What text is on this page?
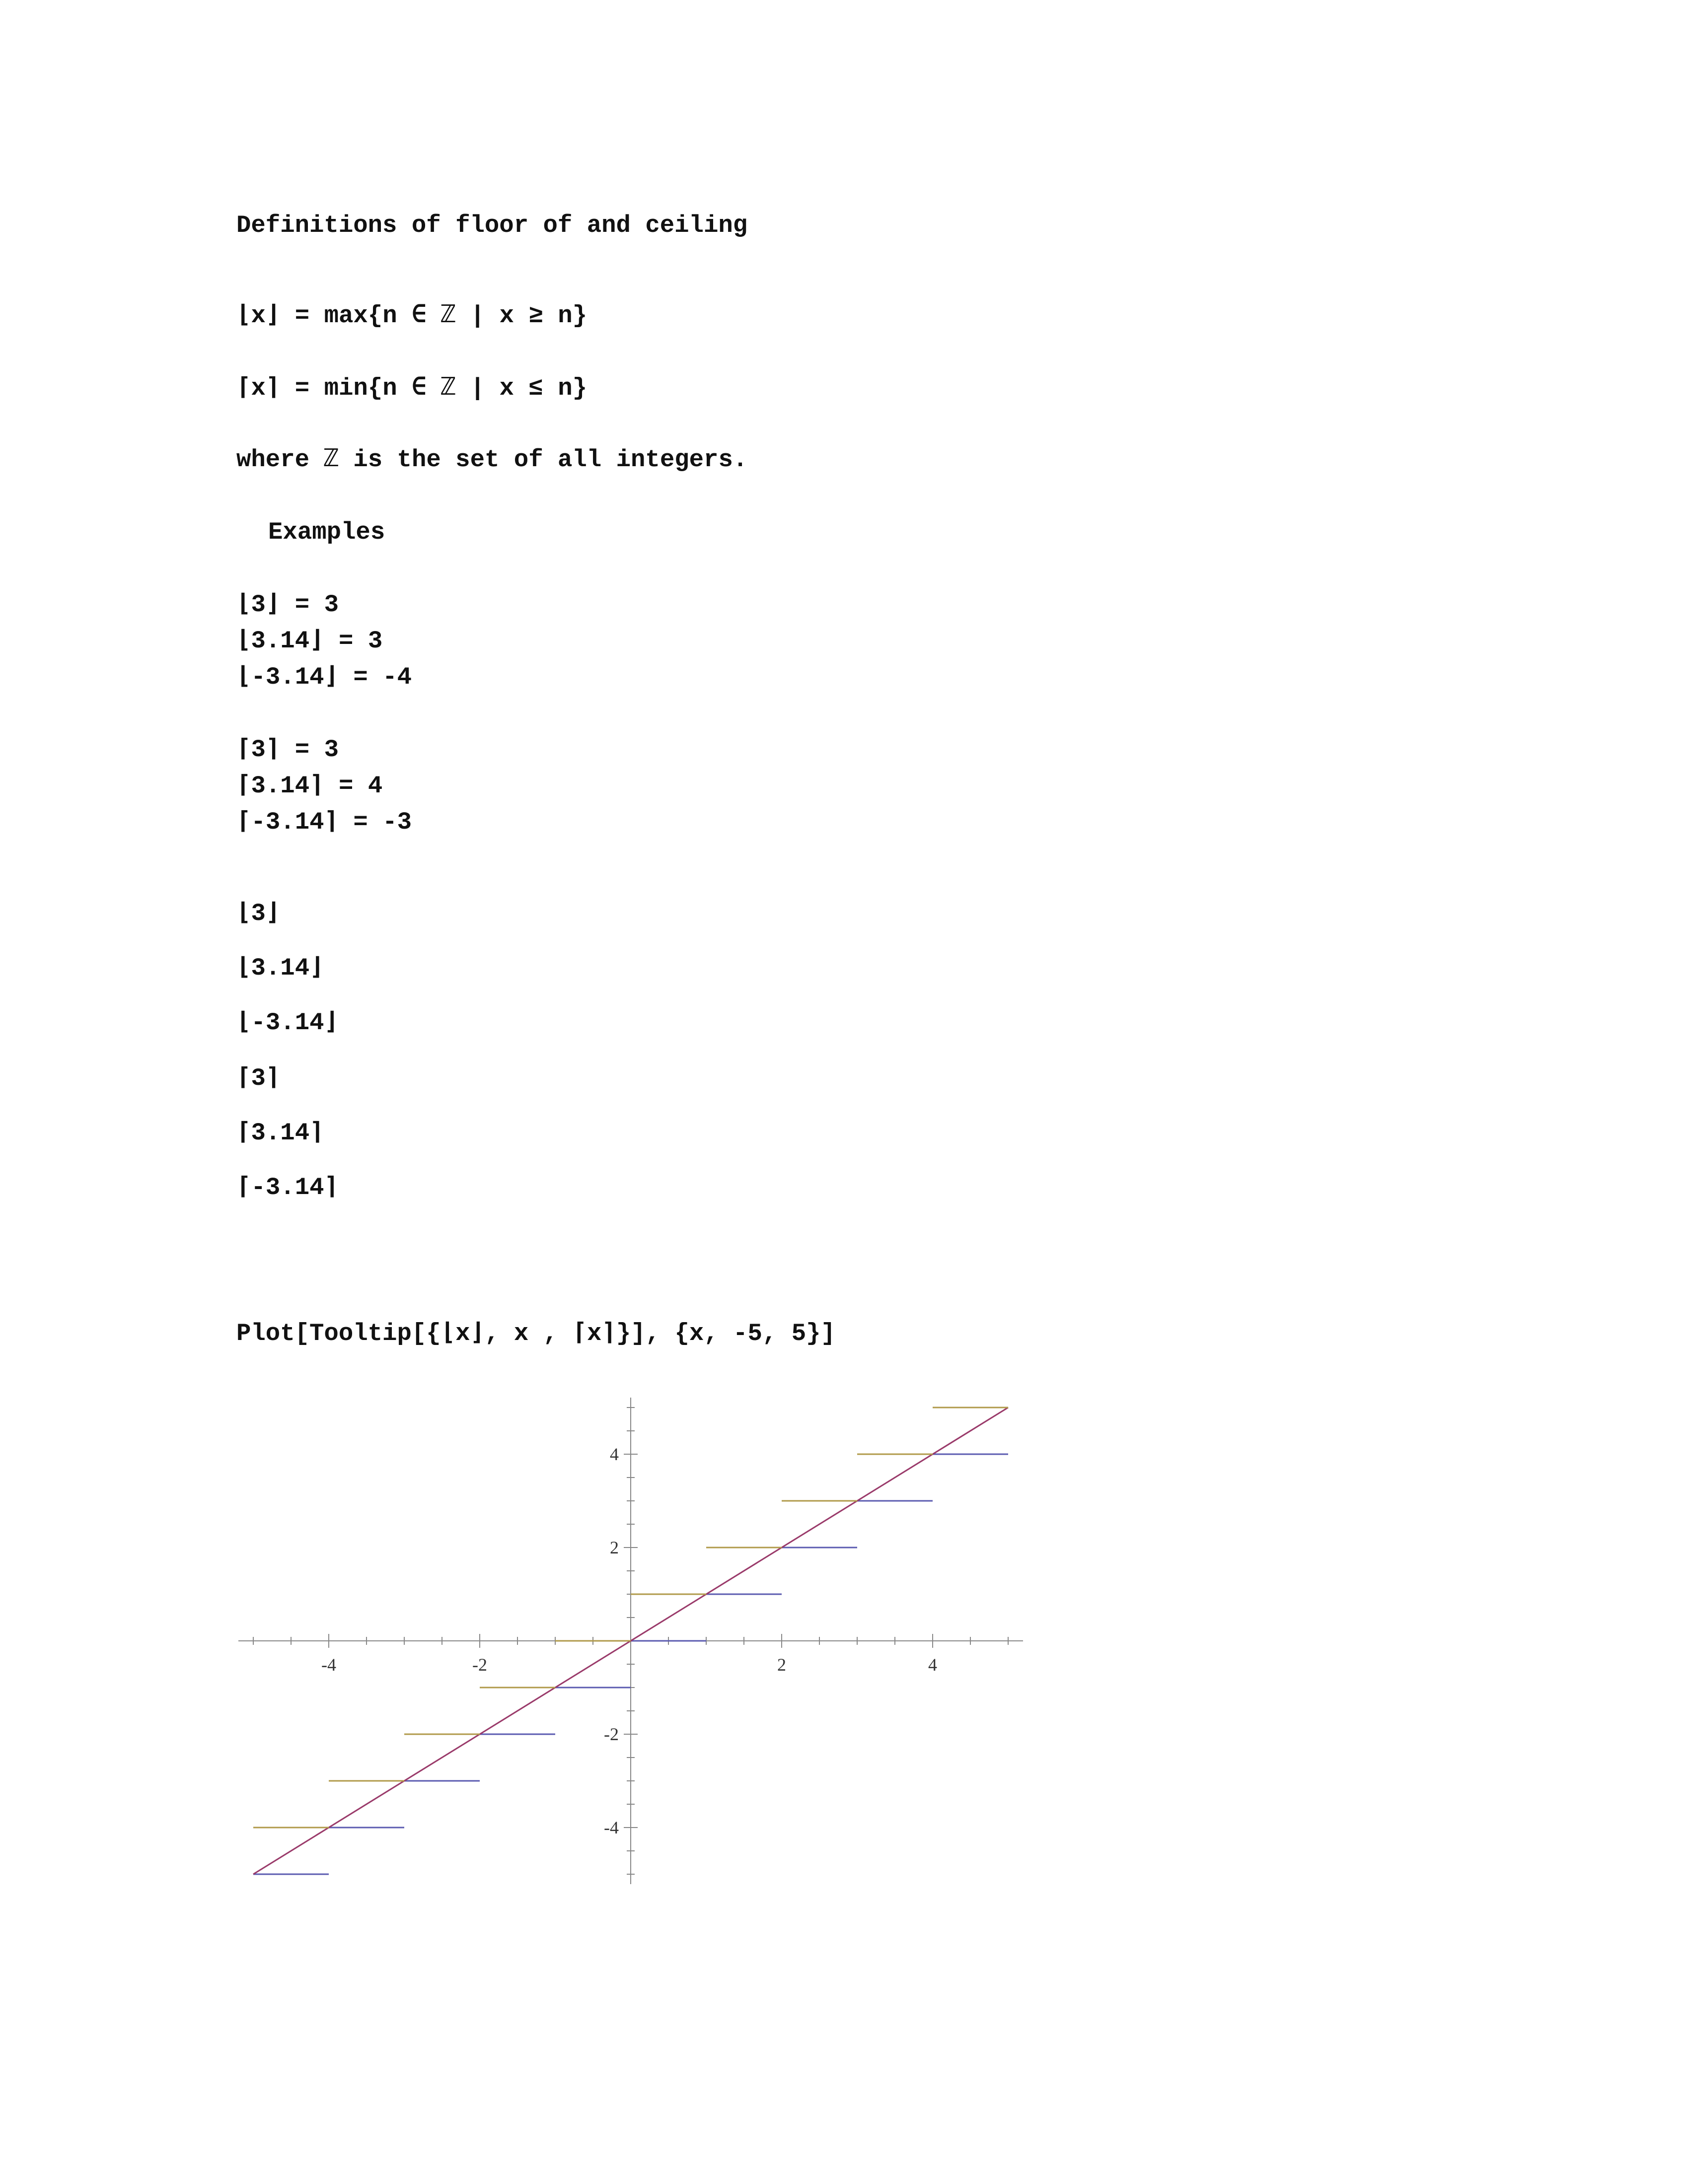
Definitions of floor of and ceiling
⌊x⌋ = max{n ∈ ℤ | x ≥ n}
⌈x⌉ = min{n ∈ ℤ | x ≤ n}
where ℤ is the set of all integers.
Examples
⌊3⌋ = 3
⌊3.14⌋ = 3
⌊-3.14⌋ = -4
⌈3⌉ = 3
⌈3.14⌉ = 4
⌈-3.14⌉ = -3
⌊3⌋
⌊3.14⌋
⌊-3.14⌋
⌈3⌉
⌈3.14⌉
⌈-3.14⌉
Plot[Tooltip[{⌊x⌋, x , ⌈x⌉}], {x, -5, 5}]
-4	-2	2	4
-4
-2
2
4
